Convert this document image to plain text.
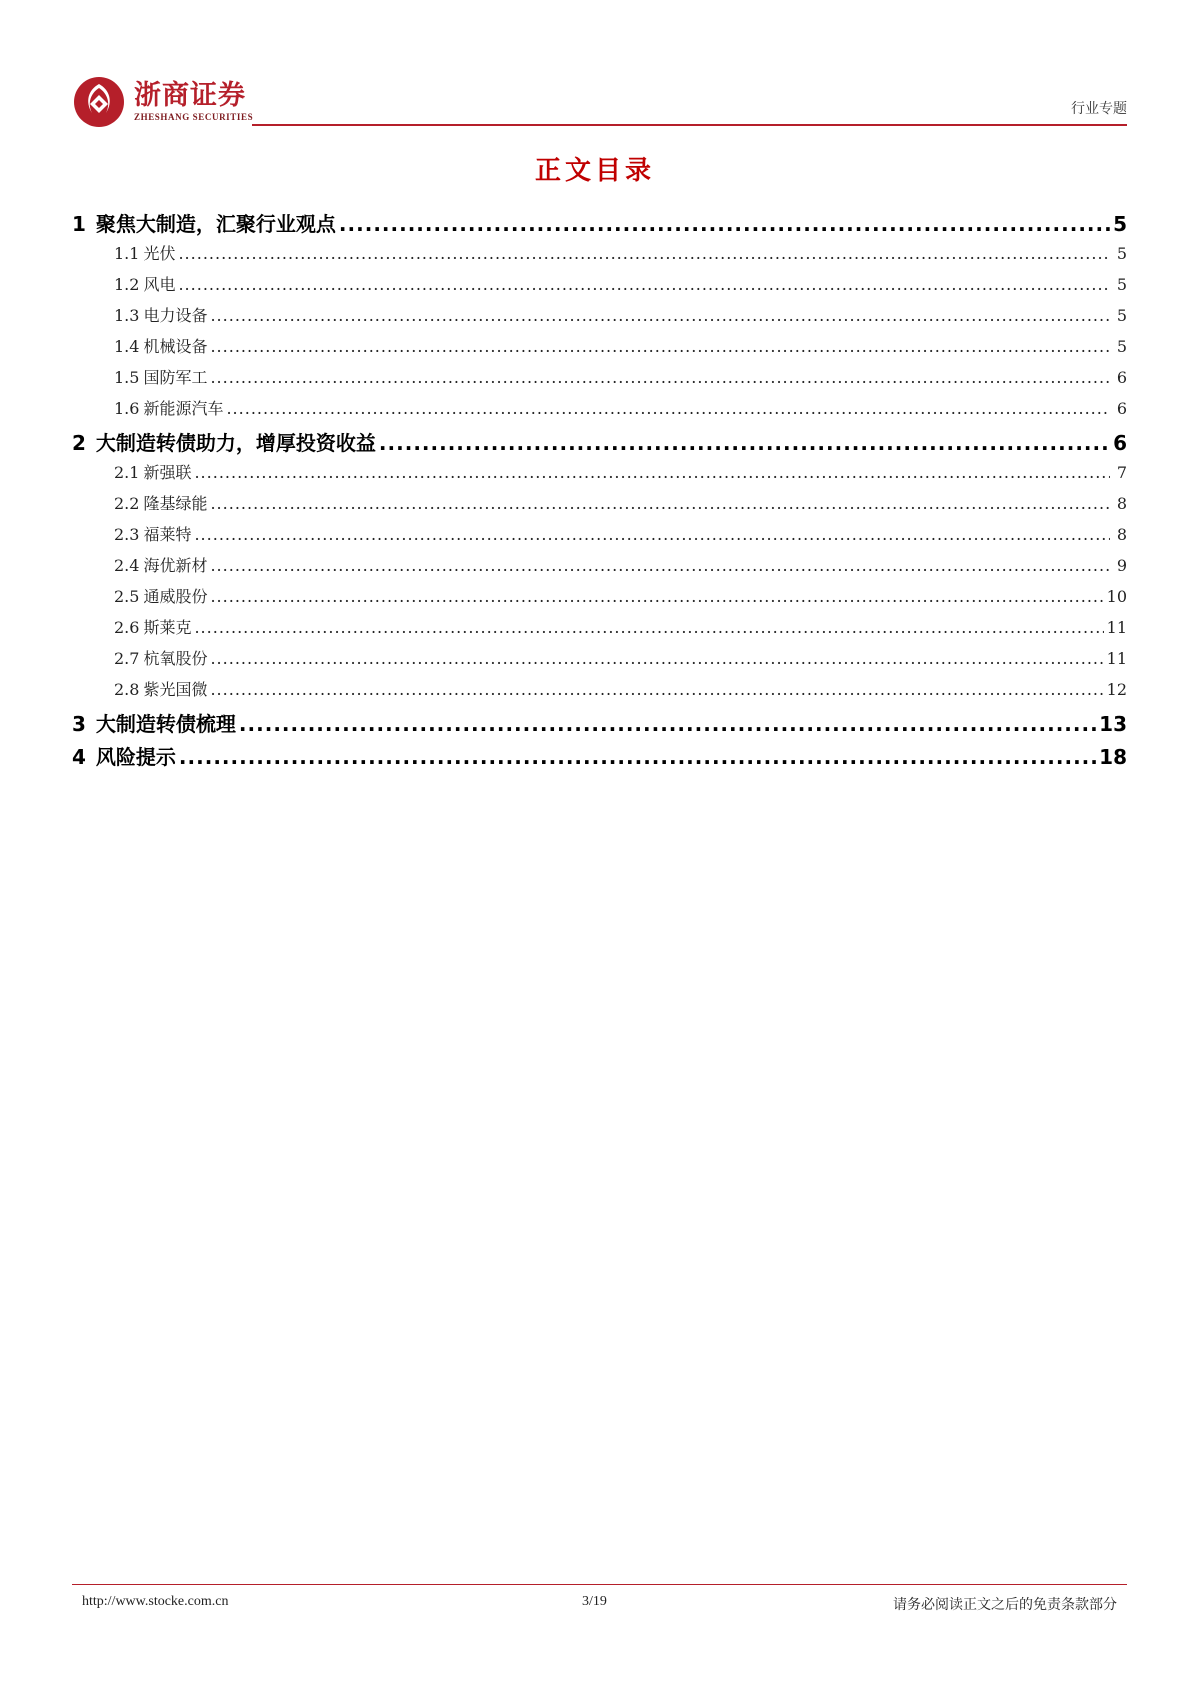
浙商证券
ZHESHANG SECURITIES	行业专题
正文目录
1 聚焦大制造，汇聚行业观点 .....	5
1.1 光伏 .....	5
1.2 风电 .....	5
1.3 电力设备 .....	5
1.4 机械设备 .....	5
1.5 国防军工 .....	6
1.6 新能源汽车 .....	6
2 大制造转债助力，增厚投资收益 .....	6
2.1 新强联 .....	7
2.2 隆基绿能 .....	8
2.3 福莱特 .....	8
2.4 海优新材 .....	9
2.5 通威股份 .....	10
2.6 斯莱克 .....	11
2.7 杭氧股份 .....	11
2.8 紫光国微 .....	12
3 大制造转债梳理 .....	13
4 风险提示 .....	18
http://www.stocke.com.cn	3/19	请务必阅读正文之后的免责条款部分
